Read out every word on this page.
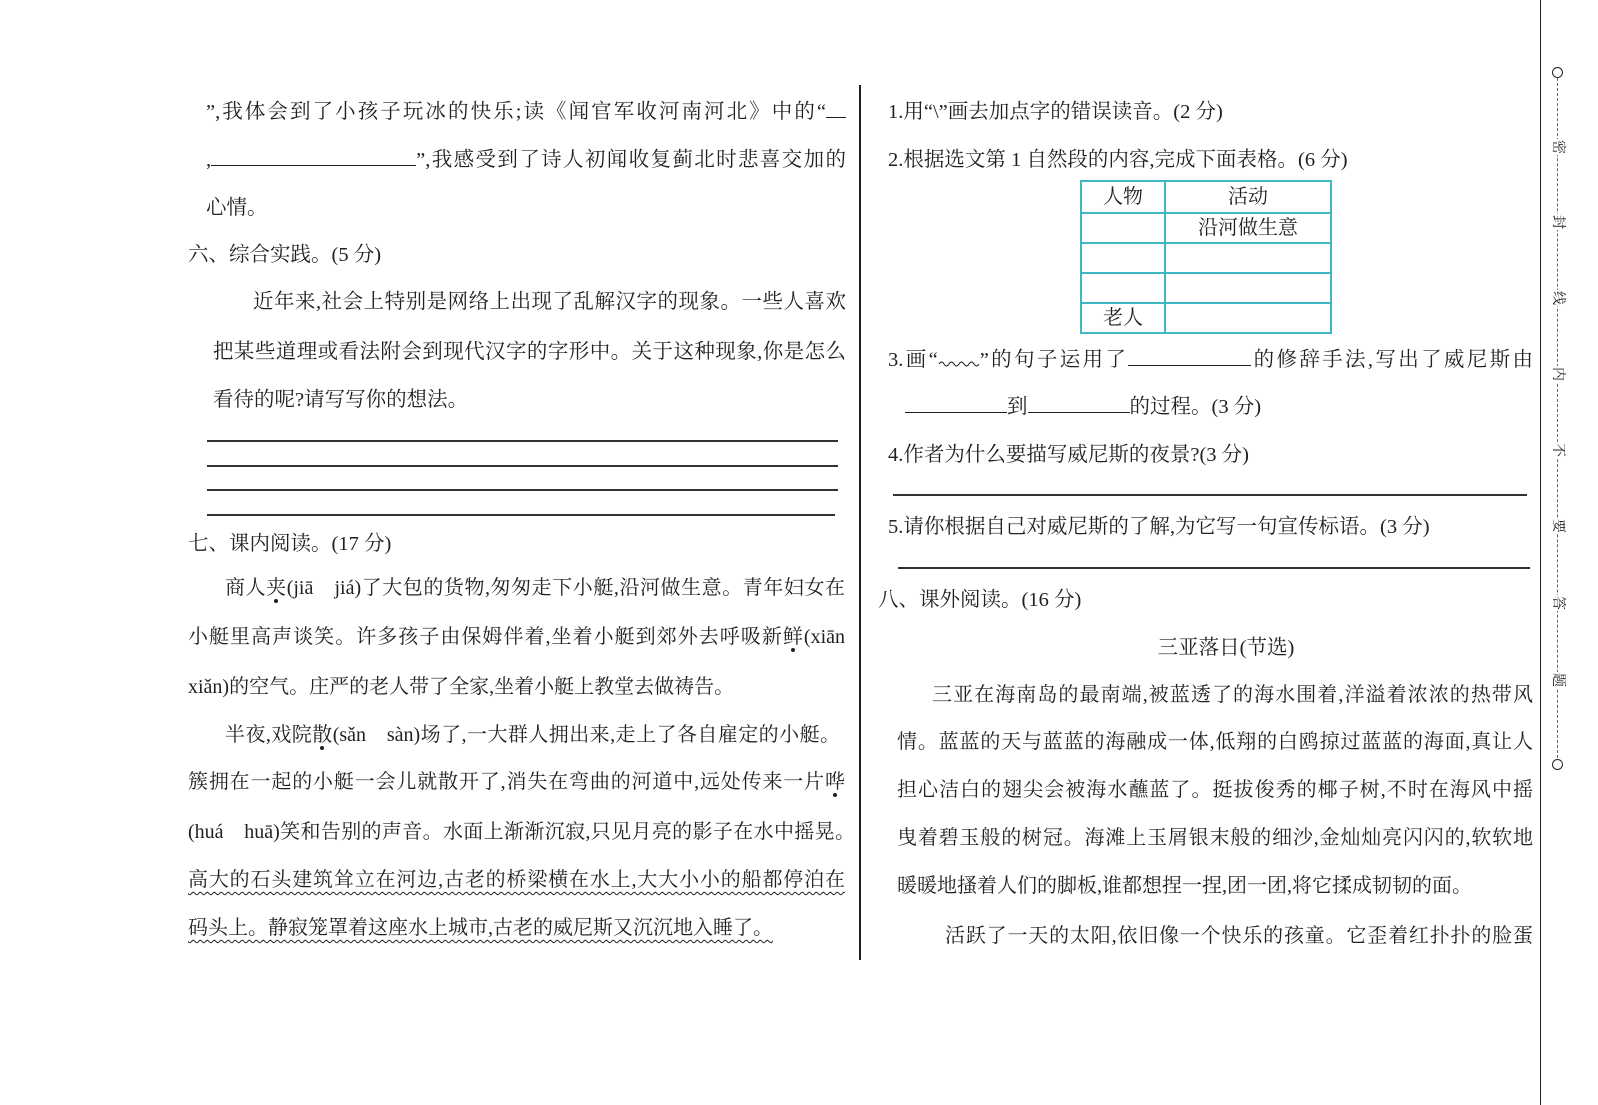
”,我体会到了小孩子玩冰的快乐;读《闻官军收河南河北》中的“
,	”,我感受到了诗人初闻收复蓟北时悲喜交加的
心情。
六、综合实践。(5 分)
近年来,社会上特别是网络上出现了乱解汉字的现象。一些人喜欢
把某些道理或看法附会到现代汉字的字形中。关于这种现象,你是怎么
看待的呢?请写写你的想法。
七、课内阅读。(17 分)
商人夹(jiā　jiá)了大包的货物,匆匆走下小艇,沿河做生意。青年妇女在
小艇里高声谈笑。许多孩子由保姆伴着,坐着小艇到郊外去呼吸新鲜(xiān
xiǎn)的空气。庄严的老人带了全家,坐着小艇上教堂去做祷告。
半夜,戏院散(sǎn　sàn)场了,一大群人拥出来,走上了各自雇定的小艇。
簇拥在一起的小艇一会儿就散开了,消失在弯曲的河道中,远处传来一片哗
(huá　huā)笑和告别的声音。水面上渐渐沉寂,只见月亮的影子在水中摇晃。
高大的石头建筑耸立在河边,古老的桥梁横在水上,大大小小的船都停泊在
码头上。静寂笼罩着这座水上城市,古老的威尼斯又沉沉地入睡了。
1.用“\”画去加点字的错误读音。(2 分)
2.根据选文第 1 自然段的内容,完成下面表格。(6 分)
人物	活动
	沿河做生意

老人	
3.画“ ”的句子运用了	的修辞手法,写出了威尼斯由
到	的过程。(3 分)
4.作者为什么要描写威尼斯的夜景?(3 分)
5.请你根据自己对威尼斯的了解,为它写一句宣传标语。(3 分)
八、课外阅读。(16 分)
三亚落日(节选)
三亚在海南岛的最南端,被蓝透了的海水围着,洋溢着浓浓的热带风
情。蓝蓝的天与蓝蓝的海融成一体,低翔的白鸥掠过蓝蓝的海面,真让人
担心洁白的翅尖会被海水蘸蓝了。挺拔俊秀的椰子树,不时在海风中摇
曳着碧玉般的树冠。海滩上玉屑银末般的细沙,金灿灿亮闪闪的,软软地
暖暖地搔着人们的脚板,谁都想捏一捏,团一团,将它揉成韧韧的面。
活跃了一天的太阳,依旧像一个快乐的孩童。它歪着红扑扑的脸蛋
密
封
线
内
不
要
答
题
